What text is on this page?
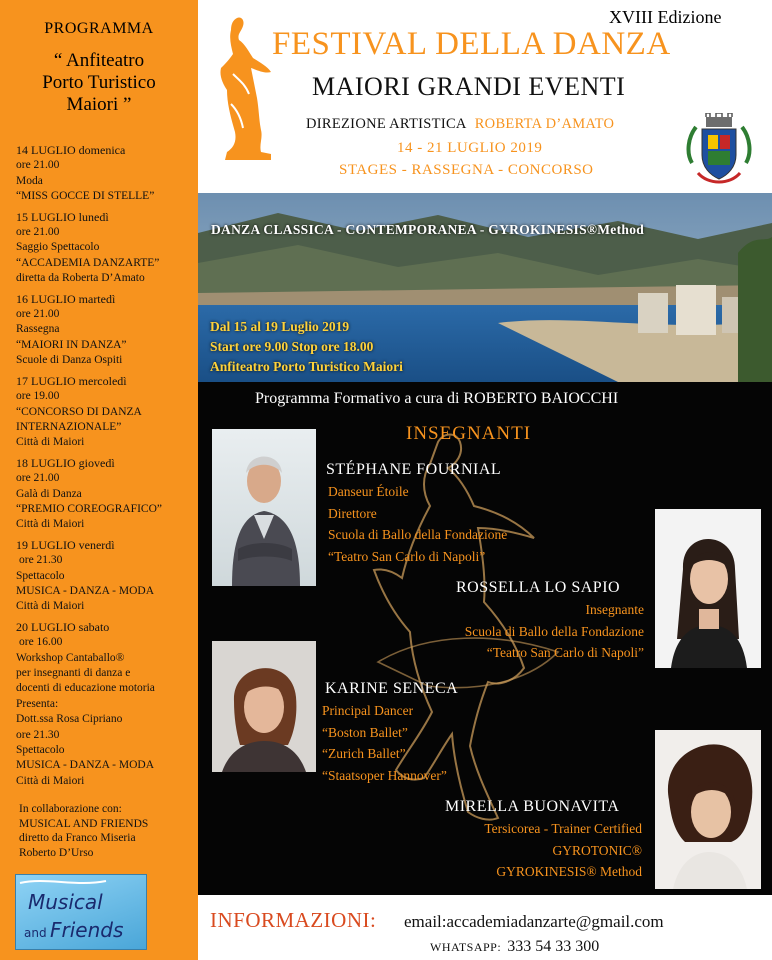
PROGRAMMA
“ Anfiteatro
Porto Turistico
Maiori ”
14 LUGLIO domenica
ore 21.00
Moda
“MISS GOCCE DI STELLE”
15 LUGLIO lunedì
ore 21.00
Saggio Spettacolo
“ACCADEMIA DANZARTE”
diretta da Roberta D’Amato
16 LUGLIO martedì
ore 21.00
Rassegna
“MAIORI IN DANZA”
Scuole di Danza Ospiti
17 LUGLIO mercoledì
ore 19.00
“CONCORSO DI DANZA
INTERNAZIONALE”
Città di Maiori
18 LUGLIO giovedì
ore 21.00
Galà di Danza
“PREMIO COREOGRAFICO”
Città di Maiori
19 LUGLIO venerdì
ore 21.30
Spettacolo
MUSICA - DANZA - MODA
Città di Maiori
20 LUGLIO sabato
ore 16.00
Workshop Cantaballo®
per insegnanti di danza e
docenti di educazione motoria
Presenta:
Dott.ssa Rosa Cipriano
ore 21.30
Spettacolo
MUSICA - DANZA - MODA
Città di Maiori
In collaborazione con:
MUSICAL AND FRIENDS
diretto da Franco Miseria
Roberto D’Urso
Musical
and Friends
XVIII Edizione
FESTIVAL DELLA DANZA
MAIORI GRANDI EVENTI
DIREZIONE ARTISTICA ROBERTA D’AMATO
14 - 21 LUGLIO 2019
STAGES - RASSEGNA - CONCORSO
DANZA CLASSICA - CONTEMPORANEA - GYROKINESIS®Method
Dal 15 al 19 Luglio 2019
Start ore 9.00 Stop ore 18.00
Anfiteatro Porto Turistico Maiori
Programma Formativo a cura di ROBERTO BAIOCCHI
INSEGNANTI
STÉPHANE FOURNIAL
Danseur Étoile
Direttore
Scuola di Ballo della Fondazione
“Teatro San Carlo di Napoli”
ROSSELLA LO SAPIO
Insegnante
Scuola di Ballo della Fondazione
“Teatro San Carlo di Napoli”
KARINE SENECA
Principal Dancer
“Boston Ballet”
“Zurich Ballet”
“Staatsoper Hannover”
MIRELLA BUONAVITA
Tersicorea - Trainer Certified
GYROTONIC®
GYROKINESIS® Method
INFORMAZIONI: email:accademiadanzarte@gmail.com
WHATSAPP: 333 54 33 300
